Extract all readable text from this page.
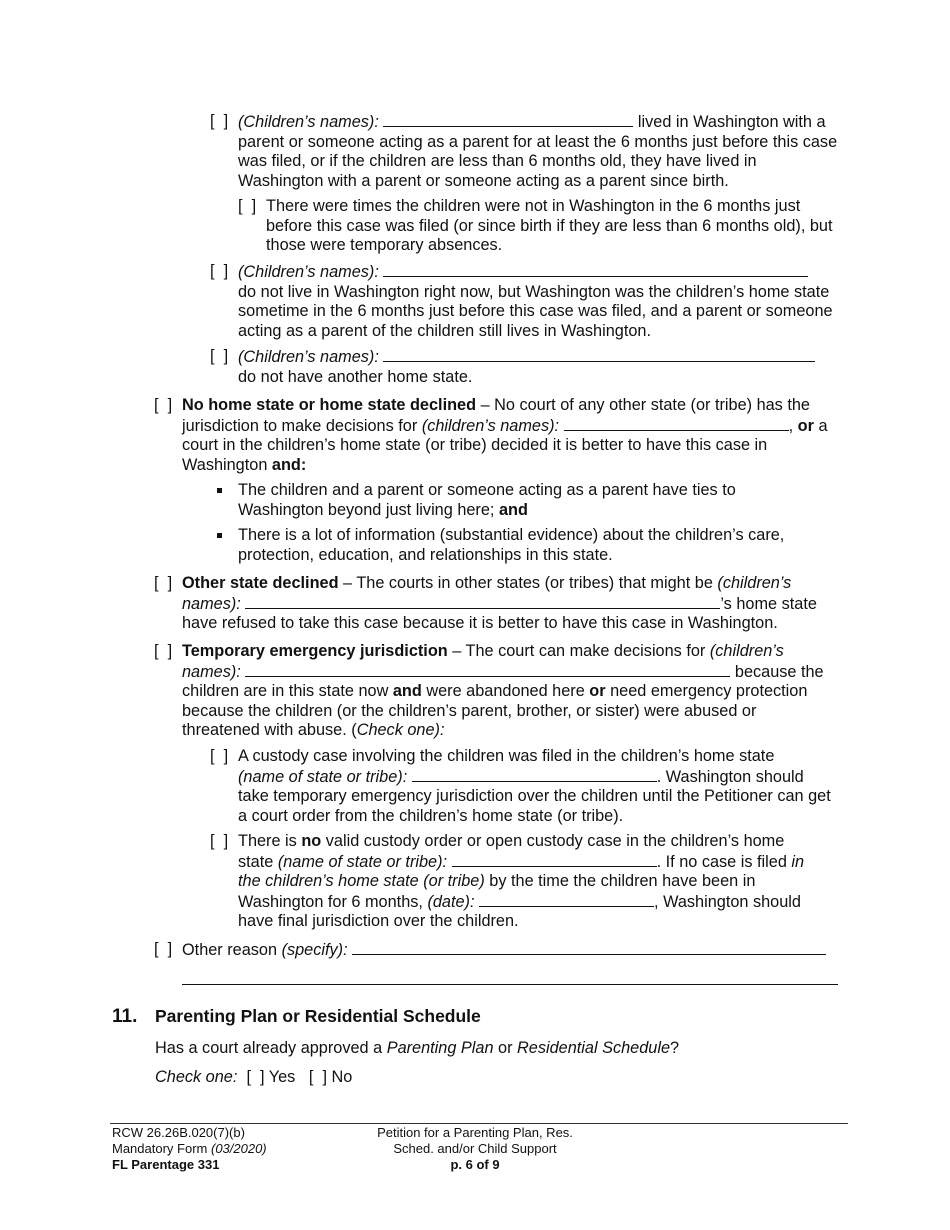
[  ] (Children’s names):	lived in Washington with a parent or someone acting as a parent for at least the 6 months just before this case was filed, or if the children are less than 6 months old, they have lived in Washington with a parent or someone acting as a parent since birth.
[  ] There were times the children were not in Washington in the 6 months just before this case was filed (or since birth if they are less than 6 months old), but those were temporary absences.
[  ] (Children’s names):
do not live in Washington right now, but Washington was the children’s home state sometime in the 6 months just before this case was filed, and a parent or someone acting as a parent of the children still lives in Washington.
[  ] (Children’s names):
do not have another home state.
[  ] No home state or home state declined – No court of any other state (or tribe) has the jurisdiction to make decisions for (children’s names):	, or a court in the children’s home state (or tribe) decided it is better to have this case in Washington and:
The children and a parent or someone acting as a parent have ties to Washington beyond just living here; and
There is a lot of information (substantial evidence) about the children’s care, protection, education, and relationships in this state.
[  ] Other state declined – The courts in other states (or tribes) that might be (children’s
names):	’s home state
have refused to take this case because it is better to have this case in Washington.
[  ] Temporary emergency jurisdiction – The court can make decisions for (children’s
names):	because the
children are in this state now and were abandoned here or need emergency protection
because the children (or the children’s parent, brother, or sister) were abused or
threatened with abuse. (Check one):
[  ] A custody case involving the children was filed in the children’s home state
(name of state or tribe):	. Washington should
take temporary emergency jurisdiction over the children until the Petitioner can get a court order from the children’s home state (or tribe).
[  ] There is no valid custody order or open custody case in the children’s home
state (name of state or tribe):	. If no case is filed in
the children’s home state (or tribe) by the time the children have been in
Washington for 6 months, (date):	, Washington should
have final jurisdiction over the children.
[  ] Other reason (specify):
11. Parenting Plan or Residential Schedule
Has a court already approved a Parenting Plan or Residential Schedule?
Check one: [  ] Yes [  ] No
RCW 26.26B.020(7)(b)
Mandatory Form (03/2020)
FL Parentage 331
Petition for a Parenting Plan, Res.
Sched. and/or Child Support
p. 6 of 9
